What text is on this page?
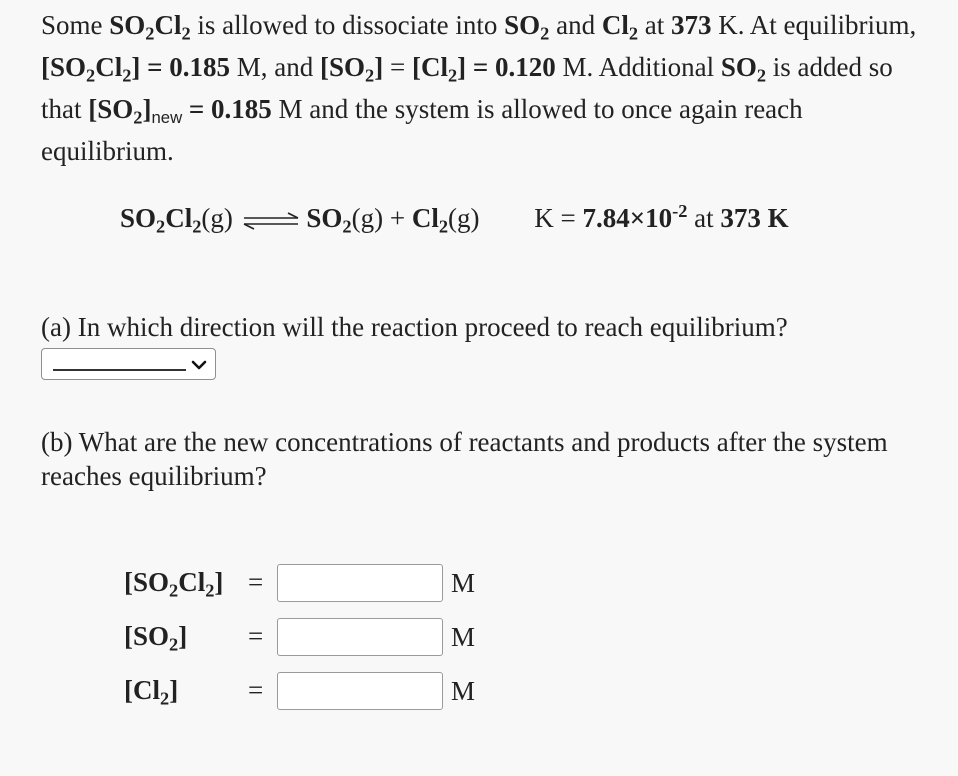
Some $SO_2Cl_2$ is allowed to dissociate into $SO_2$ and $Cl_2$ at 373 K. At equilibrium, $[SO_2Cl_2] = 0.185$ M, and $[SO_2] = [Cl_2] = 0.120$ M. Additional $SO_2$ is added so that $[SO_2]_{new} = 0.185$ M and the system is allowed to once again reach equilibrium.
$SO_2Cl_2(g)$ ⇌ $SO_2(g) + Cl_2(g) K = 7.84\times 10^{-2}$ at 373 K
(a) In which direction will the reaction proceed to reach equilibrium?
(b) What are the new concentrations of reactants and products after the system reaches equilibrium?
$[SO_2Cl_2]$ =	M
$[SO_2]$ =	M
$[Cl_2]$	=	M
